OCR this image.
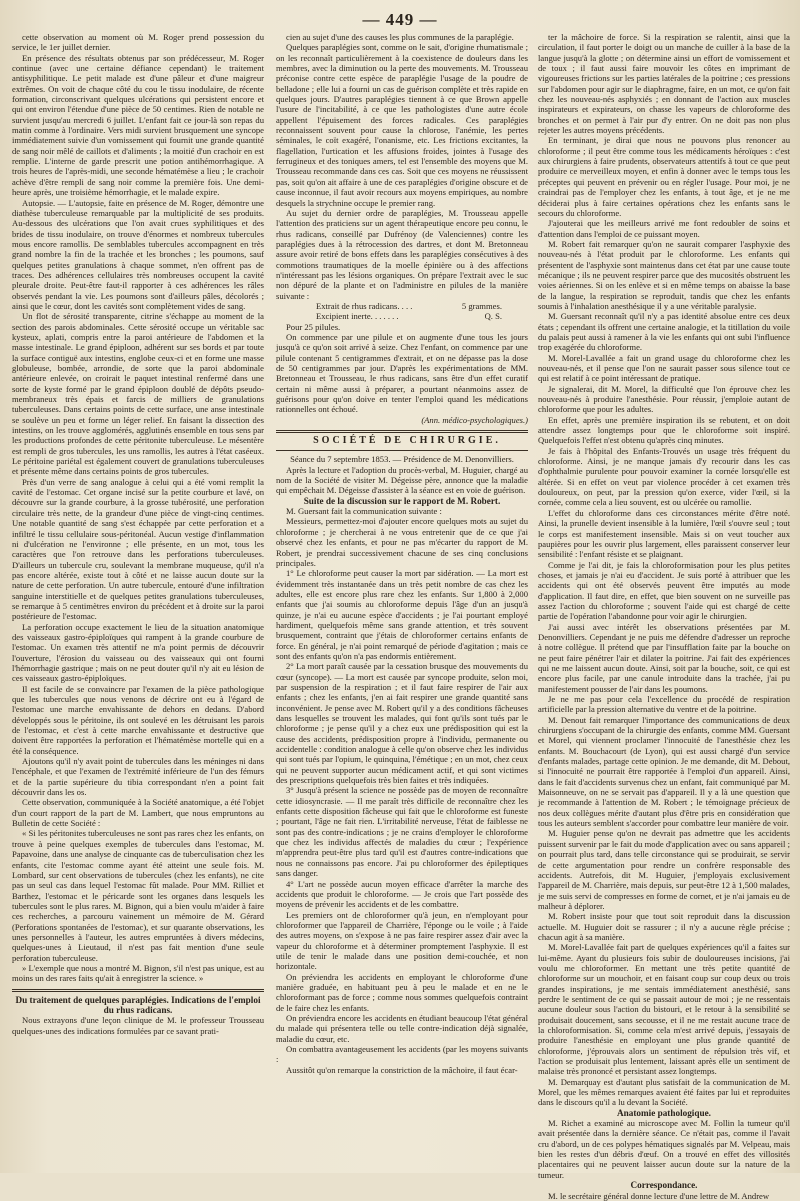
— 449 —

cette observation au moment où M. Roger prend possession du service, le 1er juillet dernier.

En présence des résultats obtenus par son prédécesseur, M. Roger continue (avec une certaine défiance cependant) le traitement antisyphilitique. Le petit malade est d'une pâleur et d'une maigreur extrêmes. On voit de chaque côté du cou le tissu inodulaire, de récente formation, circonscrivant quelques ulcérations qui persistent encore et qui ont environ l'étendue d'une pièce de 50 centimes. Rien de notable ne survient jusqu'au mercredi 6 juillet. L'enfant fait ce jour-là son repas du matin comme à l'ordinaire. Vers midi survient brusquement une syncope immédiatement suivie d'un vomissement qui fournit une grande quantité de sang noir mêlé de caillots et d'aliments ; la moitié d'un crachoir en est remplie. L'interne de garde prescrit une potion antihémorrhagique. A trois heures de l'après-midi, une seconde hématémèse a lieu ; le crachoir achève d'être rempli de sang noir comme la première fois. Une demi-heure après, une troisième hémorrhagie, et le malade expire.

Autopsie. — L'autopsie, faite en présence de M. Roger, démontre une diathèse tuberculeuse remarquable par la multiplicité de ses produits. Au-dessous des ulcérations que l'on avait crues syphilitiques et des brides de tissu inodulaire, on trouve d'énormes et nombreux tubercules mous encore ramollis. De semblables tubercules accompagnent en très grand nombre la fin de la trachée et les bronches ; les poumons, sauf quelques petites granulations à chaque sommet, n'en offrent pas de traces. Des adhérences cellulaires très nombreuses occupent la cavité pleurale droite. Peut-être faut-il rapporter à ces adhérences les râles observés pendant la vie. Les poumons sont d'ailleurs pâles, décolorés ; ainsi que le cœur, dont les cavités sont complètement vides de sang.

Un flot de sérosité transparente, citrine s'échappe au moment de la section des parois abdominales. Cette sérosité occupe un véritable sac kysteux, aplati, compris entre la paroi antérieure de l'abdomen et la masse intestinale. Le grand épiploon, adhérent sur ses bords et par toute la surface contiguë aux intestins, englobe ceux-ci et en forme une masse globuleuse, bombée, arrondie, de sorte que la paroi abdominale antérieure enlevée, on croirait le paquet intestinal renfermé dans une sorte de kyste formé par le grand épiploon doublé de dépôts pseudo-membraneux très épais et farcis de milliers de granulations tuberculeuses. Dans certains points de cette surface, une anse intestinale se soulève un peu et forme un léger relief. En faisant la dissection des intestins, on les trouve agglomérés, agglutinés ensemble en tous sens par les productions profondes de cette péritonite tuberculeuse. Le mésentère est rempli de gros tubercules, les uns ramollis, les autres à l'état caséeux. Le péritoine pariétal est également couvert de granulations tuberculeuses et présente même dans certains points de gros tubercules.

Près d'un verre de sang analogue à celui qui a été vomi remplit la cavité de l'estomac. Cet organe incisé sur la petite courbure et lavé, on découvre sur la grande courbure, à la grosse tubérosité, une perforation circulaire très nette, de la grandeur d'une pièce de vingt-cinq centimes. Une notable quantité de sang s'est échappée par cette perforation et a infiltré le tissu cellulaire sous-péritonéal. Aucun vestige d'inflammation ni d'ulcération ne l'environne ; elle présente, en un mot, tous les caractères que l'on retrouve dans les perforations tuberculeuses. D'ailleurs un tubercule cru, soulevant la membrane muqueuse, qu'il n'a pas encore altérée, existe tout à côté et ne laisse aucun doute sur la nature de cette perforation. Un autre tubercule, entouré d'une infiltration sanguine interstitielle et de quelques petites granulations tuberculeuses, se remarque à 5 centimètres environ du précédent et à droite sur la paroi postérieure de l'estomac.

La perforation occupe exactement le lieu de la situation anatomique des vaisseaux gastro-épiploïques qui rampent à la grande courbure de l'estomac. Un examen très attentif ne m'a point permis de découvrir l'ouverture, l'érosion du vaisseau ou des vaisseaux qui ont fourni l'hémorrhagie gastrique ; mais on ne peut douter qu'il n'y ait eu lésion de ces vaisseaux gastro-épiploïques.

Il est facile de se convaincre par l'examen de la pièce pathologique que les tubercules que nous venons de décrire ont eu à l'égard de l'estomac une marche envahissante de dehors en dedans. D'abord développés sous le péritoine, ils ont soulevé en les détruisant les parois de l'estomac, et c'est à cette marche envahissante et destructive que doivent être rapportées la perforation et l'hématémèse mortelle qui en a été la conséquence.

Ajoutons qu'il n'y avait point de tubercules dans les méninges ni dans l'encéphale, et que l'examen de l'extrémité inférieure de l'un des fémurs et de la partie supérieure du tibia correspondant n'en a point fait découvrir dans les os.

Cette observation, communiquée à la Société anatomique, a été l'objet d'un court rapport de la part de M. Lambert, que nous empruntons au Bulletin de cette Société :

« Si les péritonites tuberculeuses ne sont pas rares chez les enfants, on trouve à peine quelques exemples de tubercules dans l'estomac, M. Papavoine, dans une analyse de cinquante cas de tuberculisation chez les enfants, cite l'estomac comme ayant été atteint une seule fois. M. Lombard, sur cent observations de tubercules (chez les enfants), ne cite pas un seul cas dans lequel l'estomac fût malade. Pour MM. Rilliet et Barthez, l'estomac et le péricarde sont les organes dans lesquels les tubercules sont le plus rares. M. Bignon, qui a bien voulu m'aider à faire ces recherches, a parcouru vainement un mémoire de M. Gérard (Perforations spontanées de l'estomac), et sur quarante observations, les unes personnelles à l'auteur, les autres empruntées à divers médecins, quelques-unes à Lieutaud, il n'est pas fait mention d'une seule perforation tuberculeuse.

» L'exemple que nous a montré M. Bignon, s'il n'est pas unique, est au moins un des rares faits qu'ait à enregistrer la science. »

Du traitement de quelques paraplégies. Indications de l'emploi du rhus radicans.

Nous extrayons d'une leçon clinique de M. le professeur Trousseau quelques-unes des indications formulées par ce savant prati-

cien au sujet d'une des causes les plus communes de la paraplégie.

Quelques paraplégies sont, comme on le sait, d'origine rhumatismale ; on les reconnaît particulièrement à la coexistence de douleurs dans les membres, avec la diminution ou la perte des mouvements. M. Trousseau préconise contre cette espèce de paraplégie l'usage de la poudre de belladone ; elle lui a fourni un cas de guérison complète et très rapide en quelques jours. D'autres paraplégies tiennent à ce que Brown appelle l'usure de l'incitabilité, à ce que les pathologistes d'une autre école appellent l'épuisement des forces radicales. Ces paraplégies reconnaissent souvent pour cause la chlorose, l'anémie, les pertes séminales, le coït exagéré, l'onanisme, etc. Les frictions excitantes, la flagellation, l'urtication et les affusions froides, jointes à l'usage des ferrugineux et des toniques amers, tel est l'ensemble des moyens que M. Trousseau recommande dans ces cas. Soit que ces moyens ne réussissent pas, soit qu'on ait affaire à une de ces paraplégies d'origine obscure et de cause inconnue, il faut avoir recours aux moyens empiriques, au nombre desquels la strychnine occupe le premier rang.

Au sujet du dernier ordre de paraplégies, M. Trousseau appelle l'attention des praticiens sur un agent thérapeutique encore peu connu, le rhus radicans, conseillé par Dufrénoy (de Valenciennes) contre les paraplégies dues à la rétrocession des dartres, et dont M. Bretonneau assure avoir retiré de bons effets dans les paraplégies consécutives à des commotions traumatiques de la moelle épinière ou à des affections n'intéressant pas les lésions organiques. On prépare l'extrait avec le suc non dépuré de la plante et on l'administre en pilules de la manière suivante :

Extrait de rhus radicans. . . .	5 grammes.
Excipient inerte. . . . . . .	Q. S.

Pour 25 pilules.

On commence par une pilule et on augmente d'une tous les jours jusqu'à ce qu'on soit arrivé à seize. Chez l'enfant, on commence par une pilule contenant 5 centigrammes d'extrait, et on ne dépasse pas la dose de 50 centigrammes par jour. D'après les expérimentations de MM. Bretonneau et Trousseau, le rhus radicans, sans être d'un effet curatif certain ni même aussi à préparer, a pourtant néanmoins assez de guérisons pour qu'on doive en tenter l'emploi quand les médications rationnelles ont échoué.

(Ann. médico-psychologiques.)

SOCIÉTÉ DE CHIRURGIE.

Séance du 7 septembre 1853. — Présidence de M. Denonvilliers.

Après la lecture et l'adoption du procès-verbal, M. Huguier, chargé au nom de la Société de visiter M. Dégeisse père, annonce que la maladie qui empêchait M. Dégeisse d'assister à la séance est en voie de guérison.

Suite de la discussion sur le rapport de M. Robert.

M. Guersant fait la communication suivante :

Messieurs, permettez-moi d'ajouter encore quelques mots au sujet du chloroforme ; je chercherai à ne vous entretenir que de ce que j'ai observé chez les enfants, et pour ne pas m'écarter du rapport de M. Robert, je prendrai successivement chacune de ses cinq conclusions principales.

1° Le chloroforme peut causer la mort par sidération. — La mort est évidemment très instantanée dans un très petit nombre de cas chez les adultes, elle est encore plus rare chez les enfants. Sur 1,800 à 2,000 enfants que j'ai soumis au chloroforme depuis l'âge d'un an jusqu'à quinze, je n'ai eu aucune espèce d'accidents ; je l'ai pourtant employé hardiment, quelquefois même sans grande attention, et très souvent brusquement, contraint que j'étais de chloroformer certains enfants de force. En général, je n'ai point remarqué de période d'agitation ; mais ce sont des enfants qu'on n'a pas endormis entièrement.

2° La mort paraît causée par la cessation brusque des mouvements du cœur (syncope). — La mort est causée par syncope produite, selon moi, par suspension de la respiration ; et il faut faire respirer de l'air aux enfants ; chez les enfants, j'en ai fait respirer une grande quantité sans inconvénient. Je pense avec M. Robert qu'il y a des conditions fâcheuses dans lesquelles se trouvent les malades, qui font qu'ils sont tués par le chloroforme ; je pense qu'il y a chez eux une prédisposition qui est la cause des accidents, prédisposition propre à l'individu, permanente ou accidentelle : condition analogue à celle qu'on observe chez les individus qui sont tués par l'opium, le quinquina, l'émétique ; en un mot, chez ceux qui ne peuvent supporter aucun médicament actif, et qui sont victimes des prescriptions quelquefois très bien faites et très indiquées.

3° Jusqu'à présent la science ne possède pas de moyen de reconnaître cette idiosyncrasie. — Il me paraît très difficile de reconnaître chez les enfants cette disposition fâcheuse qui fait que le chloroforme est funeste ; pourtant, l'âge ne fait rien. L'irritabilité nerveuse, l'état de faiblesse ne sont pas des contre-indications ; je ne crains d'employer le chloroforme que chez les individus affectés de maladies du cœur ; l'expérience m'apprendra peut-être plus tard qu'il est d'autres contre-indications que nous ne connaissons pas encore. J'ai pu chloroformer des épileptiques sans danger.

4° L'art ne possède aucun moyen efficace d'arrêter la marche des accidents que produit le chloroforme. — Je crois que l'art possède des moyens de prévenir les accidents et de les combattre.

Les premiers ont de chloroformer qu'à jeun, en n'employant pour chloroformer que l'appareil de Charrière, l'éponge ou le voile ; à l'aide des autres moyens, on s'expose à ne pas faire respirer assez d'air avec la vapeur du chloroforme et à déterminer promptement l'asphyxie. Il est utile de tenir le malade dans une position demi-couchée, et non horizontale.

On préviendra les accidents en employant le chloroforme d'une manière graduée, en habituant peu à peu le malade et en ne le chloroformant pas de force ; comme nous sommes quelquefois contraint de le faire chez les enfants.

On préviendra encore les accidents en étudiant beaucoup l'état général du malade qui présentera telle ou telle contre-indication déjà signalée, maladie du cœur, etc.

On combattra avantageusement les accidents (par les moyens suivants :

Aussitôt qu'on remarque la constriction de la mâchoire, il faut écar-

ter la mâchoire de force. Si la respiration se ralentit, ainsi que la circulation, il faut porter le doigt ou un manche de cuiller à la base de la langue jusqu'à la glotte ; on détermine ainsi un effort de vomissement et de toux ; il faut aussi faire mouvoir les côtes en imprimant de vigoureuses frictions sur les parties latérales de la poitrine ; ces pressions sur l'abdomen pour agir sur le diaphragme, faire, en un mot, ce qu'on fait chez les nouveau-nés asphyxiés ; en donnant de l'action aux muscles inspirateurs et expirateurs, on chasse les vapeurs de chloroforme des bronches et on permet à l'air pur d'y entrer. On ne doit pas non plus rejeter les autres moyens précédents.

En terminant, je dirai que nous ne pouvons plus renoncer au chloroforme ; il peut être comme tous les médicaments héroïques : c'est aux chirurgiens à faire prudents, observateurs attentifs à tout ce que peut produire ce merveilleux moyen, et enfin à donner avec le temps tous les préceptes qui peuvent en prévenir ou en régler l'usage. Pour moi, je ne craindrai pas de l'employer chez les enfants, à tout âge, et je ne me déciderai plus à faire certaines opérations chez les enfants sans le secours du chloroforme.

J'ajouterai que les meilleurs arrivé me font redoubler de soins et d'attention dans l'emploi de ce puissant moyen.

M. Robert fait remarquer qu'on ne saurait comparer l'asphyxie des nouveau-nés à l'état produit par le chloroforme. Les enfants qui présentent de l'asphyxie sont maintenus dans cet état par une cause toute mécanique ; ils ne peuvent respirer parce que des mucosités obstruent les voies aériennes. Si on les enlève et si en même temps on abaisse la base de la langue, la respiration se reproduit, tandis que chez les enfants soumis à l'inhalation anesthésique il y a une véritable paralysie.

M. Guersant reconnaît qu'il n'y a pas identité absolue entre ces deux états ; cependant ils offrent une certaine analogie, et la titillation du voile du palais peut aussi à ramener à la vie les enfants qui ont subi l'influence trop exagérée du chloroforme.

M. Morel-Lavallée a fait un grand usage du chloroforme chez les nouveau-nés, et il pense que l'on ne saurait passer sous silence tout ce qui est relatif à ce point intéressant de pratique.

Je signalerai, dit M. Morel, la difficulté que l'on éprouve chez les nouveau-nés à produire l'anesthésie. Pour réussir, j'emploie autant de chloroforme que pour les adultes.

En effet, après une première inspiration ils se rebutent, et on doit attendre assez longtemps pour que le chloroforme soit inspiré. Quelquefois l'effet n'est obtenu qu'après cinq minutes.

Je fais à l'hôpital des Enfants-Trouvés un usage très fréquent du chloroforme. Ainsi, je ne manque jamais d'y recourir dans les cas d'ophthalmie purulente pour pouvoir examiner la cornée lorsqu'elle est altérée. Si en effet on veut par violence procéder à cet examen très douloureux, on peut, par la pression qu'on exerce, vider l'œil, si la cornée, comme cela a lieu souvent, est ou ulcérée ou ramollie.

L'effet du chloroforme dans ces circonstances mérite d'être noté. Ainsi, la prunelle devient insensible à la lumière, l'œil s'ouvre seul ; tout le corps est manifestement insensible. Mais si on veut toucher aux paupières pour les ouvrir plus largement, elles paraissent conserver leur sensibilité : l'enfant résiste et se plaignant.

Comme je l'ai dit, je fais la chloroformisation pour les plus petites choses, et jamais je n'ai eu d'accident. Je suis porté à attribuer que les accidents qui ont été observés peuvent être imputés au mode d'application. Il faut dire, en effet, que bien souvent on ne surveille pas assez l'action du chloroforme ; souvent l'aide qui est chargé de cette partie de l'opération l'abandonne pour voir agir le chirurgien.

J'ai aussi avec intérêt les observations présentées par M. Denonvilliers. Cependant je ne puis me défendre d'adresser un reproche à notre collègue. Il prétend que par l'insufflation faite par la bouche on ne peut faire pénétrer l'air et dilater la poitrine. J'ai fait des expériences qui ne me laissent aucun doute. Ainsi, soit par la bouche, soit, ce qui est encore plus facile, par une canule introduite dans la trachée, j'ai pu manifestement pousser de l'air dans les poumons.

Je ne me pas pour cela l'excellence du procédé de respiration artificielle par la pression alternative du ventre et de la poitrine.

M. Denout fait remarquer l'importance des communications de deux chirurgiens s'occupant de la chirurgie des enfants, comme MM. Guersant et Morel, qui viennent proclamer l'innocuité de l'anesthésie chez les enfants. M. Bouchacourt (de Lyon), qui est aussi chargé d'un service d'enfants malades, partage cette opinion. Je me demande, dit M. Debout, si l'innocuité ne pourrait être rapportée à l'emploi d'un appareil. Ainsi, dans le fait d'accidents survenus chez un enfant, fait communiqué par M. Maisonneuve, on ne se servait pas d'appareil. Il y a là une question que je recommande à l'attention de M. Robert ; le témoignage précieux de nos deux collègues mérite d'autant plus d'être pris en considération que tous les auteurs semblent s'accorder pour combattre leur manière de voir.

M. Huguier pense qu'on ne devrait pas admettre que les accidents puissent survenir par le fait du mode d'application avec ou sans appareil ; on pourrait plus tard, dans telle circonstance qui se produirait, se servir de cette argumentation pour rendre un confrère responsable des accidents. Autrefois, dit M. Huguier, j'employais exclusivement l'appareil de M. Charrière, mais depuis, sur peut-être 12 à 1,500 malades, je me suis servi de compresses en forme de cornet, et je n'ai jamais eu de malheur à déplorer.

M. Robert insiste pour que tout soit reproduit dans la discussion actuelle. M. Huguier doit se rassurer ; il n'y a aucune règle précise ; chacun agit à sa manière.

M. Morel-Lavallée fait part de quelques expériences qu'il a faites sur lui-même. Ayant du plusieurs fois subir de douloureuses incisions, j'ai voulu me chloroformer. En mettant une très petite quantité de chloroforme sur un mouchoir, et en faisant coup sur coup deux ou trois grandes inspirations, je me sentais immédiatement anesthésié, sans perdre le sentiment de ce qui se passait autour de moi ; je ne ressentais aucune douleur sous l'action du bistouri, et le retour à la sensibilité se produisait doucement, sans secousse, et il ne me restait aucune trace de la chloroformisation. Si, comme cela m'est arrivé depuis, j'essayais de produire l'anesthésie en employant une plus grande quantité de chloroforme, j'éprouvais alors un sentiment de répulsion très vif, et l'action se produisait plus lentement, laissant après elle un sentiment de malaise très prononcé et persistant assez longtemps.

M. Demarquay est d'autant plus satisfait de la communication de M. Morel, que les mêmes remarques avaient été faites par lui et reproduites dans le discours qu'il a lu devant la Société.

Anatomie pathologique.

M. Richet a examiné au microscope avec M. Follin la tumeur qu'il avait présentée dans la dernière séance. Ce n'était pas, comme il l'avait cru d'abord, un de ces polypes hématiques signalés par M. Velpeau, mais bien les restes d'un débris d'œuf. On a trouvé en effet des villosités placentaires qui ne peuvent laisser aucun doute sur la nature de la tumeur.

Correspondance.

M. le secrétaire général donne lecture d'une lettre de M. Andrew
